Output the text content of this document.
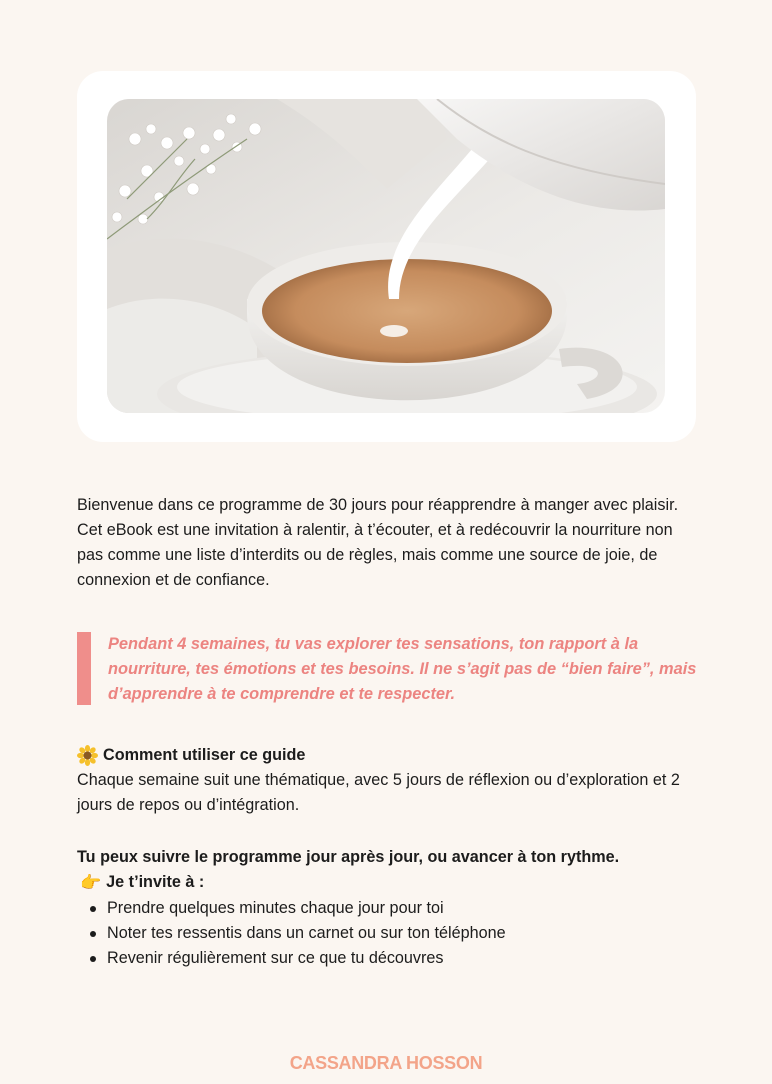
Bienvenue dans ce programme de 30 jours pour réapprendre à manger avec plaisir. Cet eBook est une invitation à ralentir, à t’écouter, et à redécouvrir la nourriture non pas comme une liste d’interdits ou de règles, mais comme une source de joie, de connexion et de confiance.

Pendant 4 semaines, tu vas explorer tes sensations, ton rapport à la nourriture, tes émotions et tes besoins. Il ne s’agit pas de “bien faire”, mais d’apprendre à te comprendre et te respecter.

Comment utiliser ce guide

Chaque semaine suit une thématique, avec 5 jours de réflexion ou d’exploration et 2 jours de repos ou d’intégration.

Tu peux suivre le programme jour après jour, ou avancer à ton rythme.

👉 Je t’invite à :
Prendre quelques minutes chaque jour pour toi
Noter tes ressentis dans un carnet ou sur ton téléphone
Revenir régulièrement sur ce que tu découvres
CASSANDRA HOSSON
